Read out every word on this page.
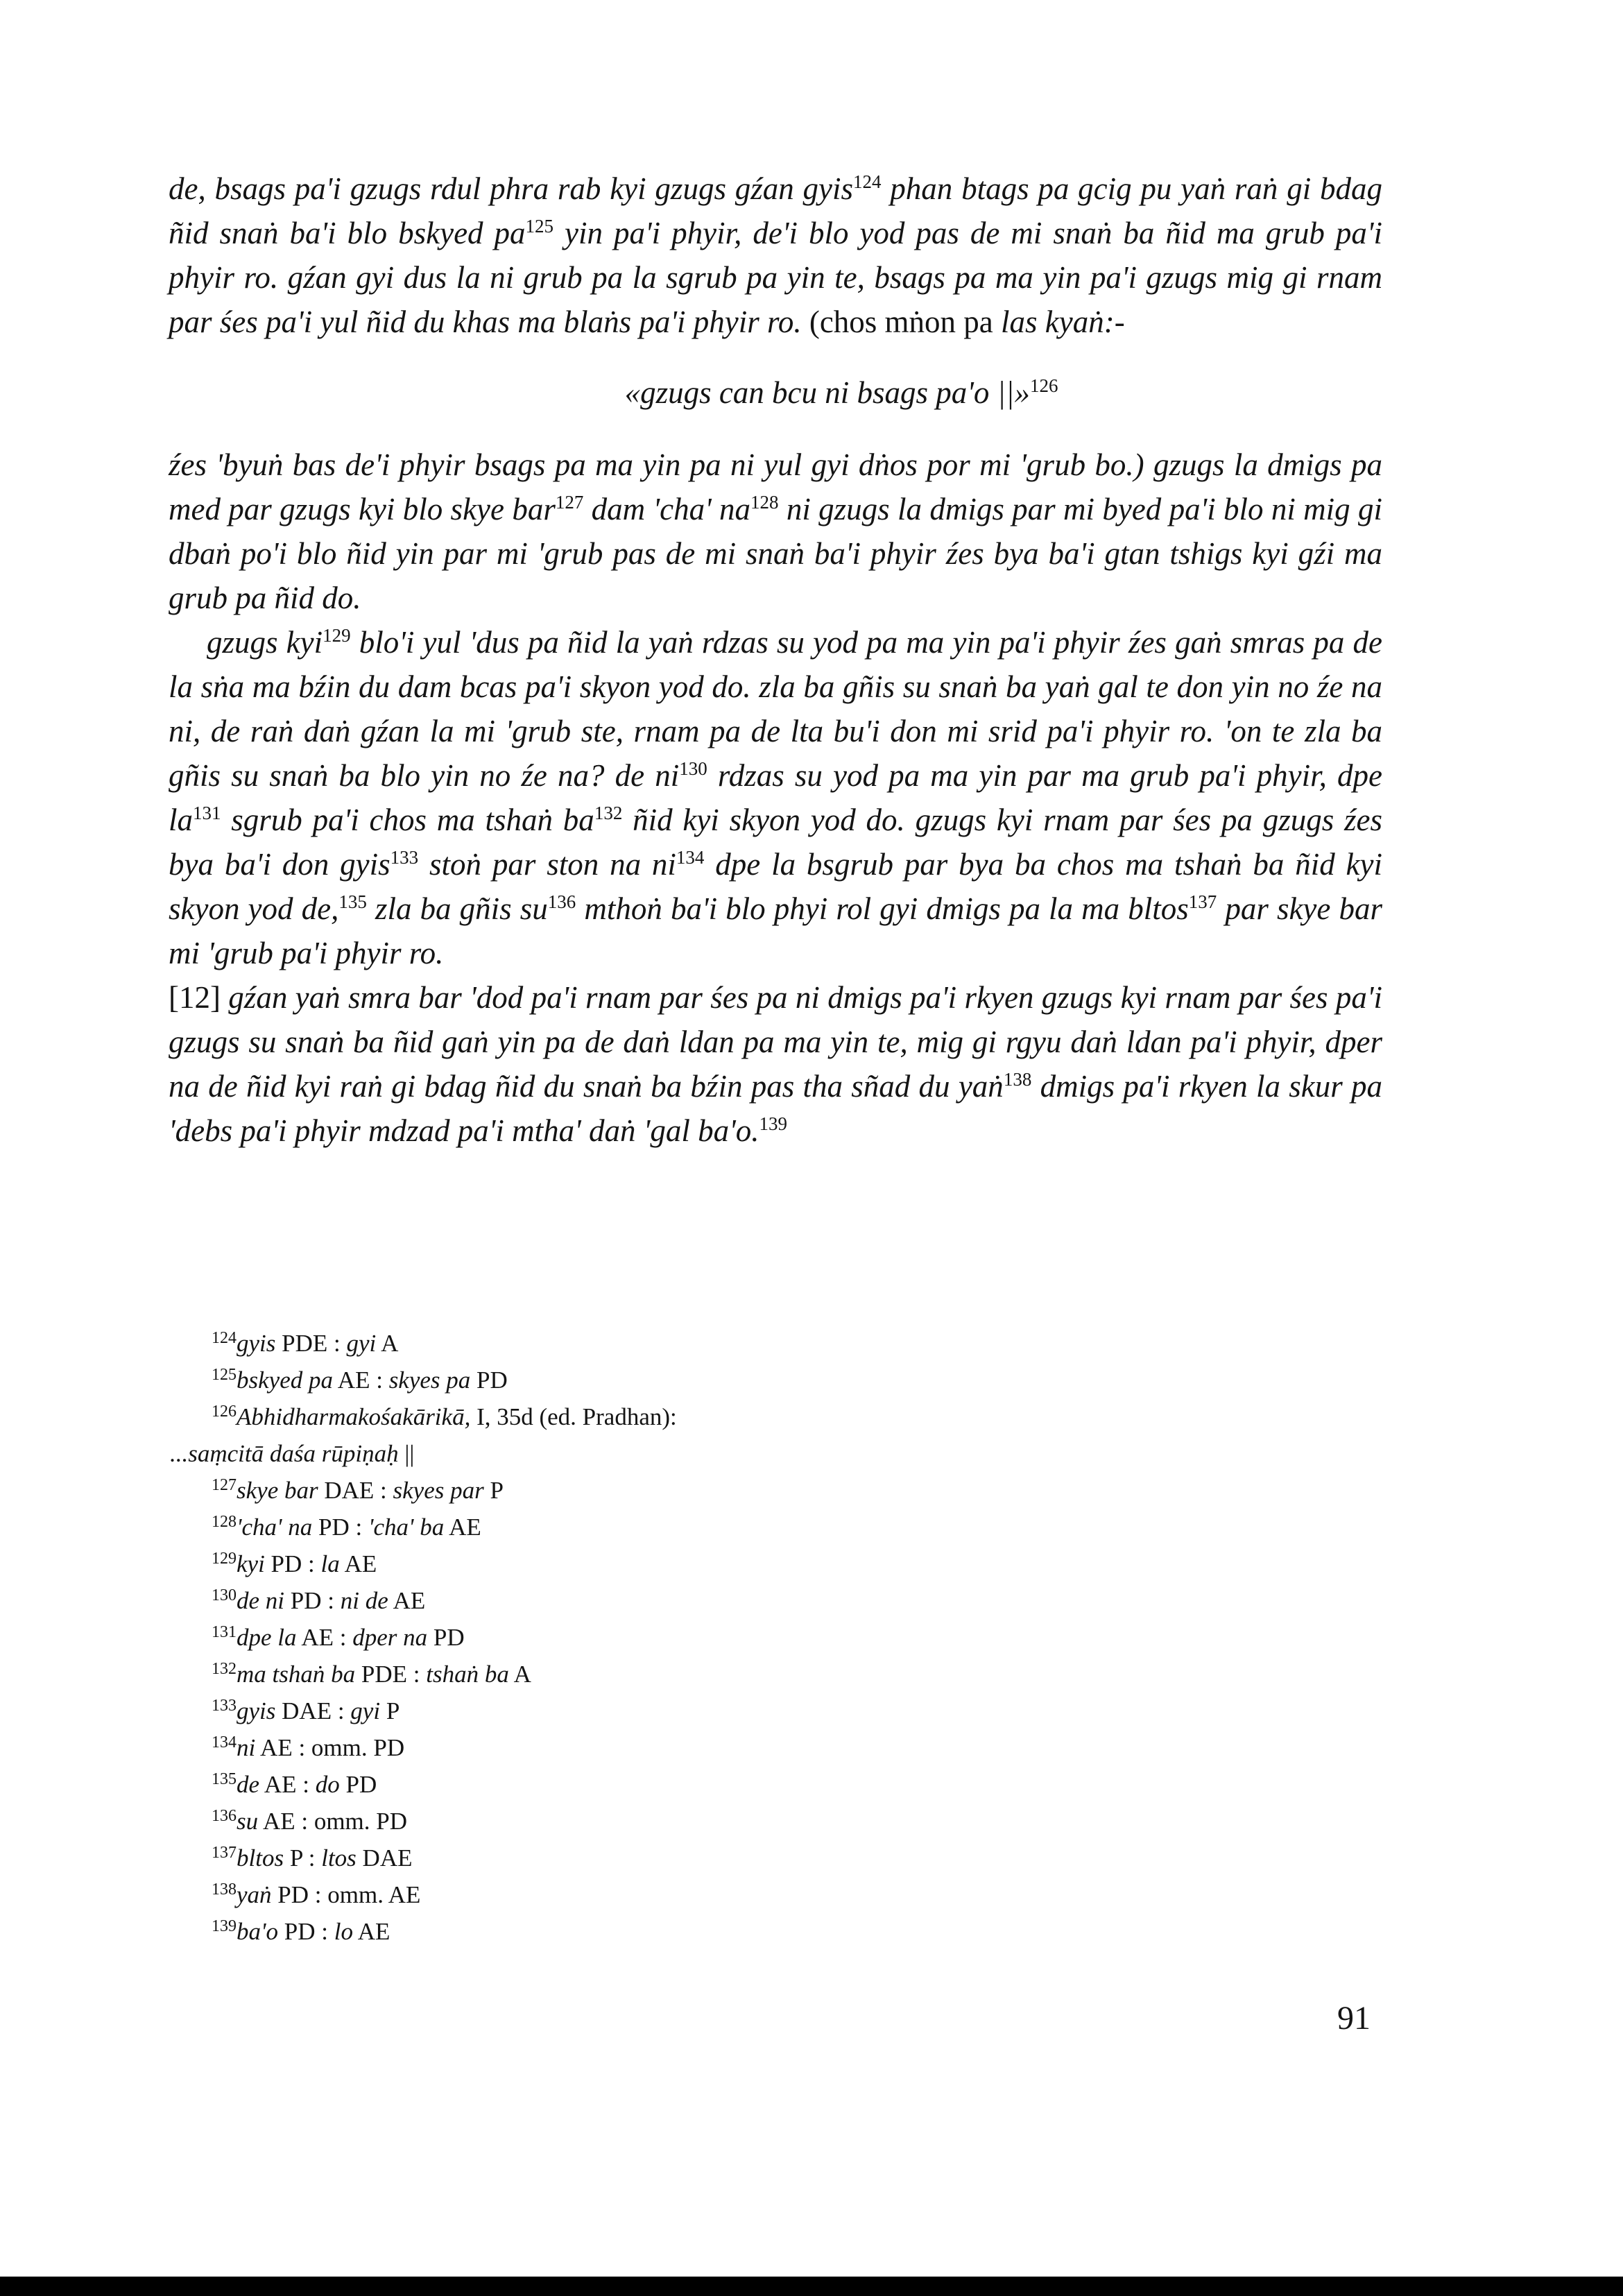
de, bsags pa'i gzugs rdul phra rab kyi gzugs gźan gyis$^{124}$ phan btags pa gcig pu yaṅ raṅ gi bdag ñid snaṅ ba'i blo bskyed $pa^{125}$ yin pa'i phyir, de'i blo yod pas de mi snaṅ ba ñid ma grub pa'i phyir ro. gźan gyi dus la ni grub pa la sgrub pa yin te, bsags pa ma yin pa'i gzugs mig gi rnam par śes pa'i yul ñid du khas ma blaṅs pa'i phyir ro. (chos mṅon pa las kyaṅ:-

«gzugs can bcu ni bsags pa'o ||»$^{126}$

źes 'byuṅ bas de'i phyir bsags pa ma yin pa ni yul gyi dṅos por mi 'grub bo.) gzugs la dmigs pa med par gzugs kyi blo skye bar$^{127}$ dam 'cha' $na^{128}$ ni gzugs la dmigs par mi byed pa'i blo ni mig gi dbaṅ po'i blo ñid yin par mi 'grub pas de mi snaṅ ba'i phyir źes bya ba'i gtan tshigs kyi gźi ma grub pa ñid do.

gzugs kyi$^{129}$ blo'i yul 'dus pa ñid la yaṅ rdzas su yod pa ma yin pa'i phyir źes gaṅ smras pa de la sṅa ma bźin du dam bcas pa'i skyon yod do. zla ba gñis su snaṅ ba yaṅ gal te don yin no źe na ni, de raṅ daṅ gźan la mi 'grub ste, rnam pa de lta bu'i don mi srid pa'i phyir ro. 'on te zla ba gñis su snaṅ ba blo yin no źe na? de $ni^{130}$ rdzas su yod pa ma yin par ma grub pa'i phyir, dpe $la^{131}$ sgrub pa'i chos ma tshaṅ $ba^{132}$ ñid kyi skyon yod do. gzugs kyi rnam par śes pa gzugs źes bya ba'i don gyis$^{133}$ stoṅ par ston na $ni^{134}$ dpe la bsgrub par bya ba chos ma tshaṅ ba ñid kyi skyon yod de,$^{135}$ zla ba gñis $su^{136}$ mthoṅ ba'i blo phyi rol gyi dmigs pa la ma bltos$^{137}$ par skye bar mi 'grub pa'i phyir ro.

[12] gźan yaṅ smra bar 'dod pa'i rnam par śes pa ni dmigs pa'i rkyen gzugs kyi rnam par śes pa'i gzugs su snaṅ ba ñid gaṅ yin pa de daṅ ldan pa ma yin te, mig gi rgyu daṅ ldan pa'i phyir, dper na de ñid kyi raṅ gi bdag ñid du snaṅ ba bźin pas tha sñad du yaṅ$^{138}$ dmigs pa'i rkyen la skur pa 'debs pa'i phyir mdzad pa'i mtha' daṅ 'gal ba'o.$^{139}$

$^{124}$gyis PDE : gyi A
$^{125}$bskyed pa AE : skyes pa PD
$^{126}$Abhidharmakośakārikā, I, 35d (ed. Pradhan):
...saṃcitā daśa rūpiṇaḥ ||
$^{127}$skye bar DAE : skyes par P
$^{128}$'cha' na PD : 'cha' ba AE
$^{129}$kyi PD : la AE
$^{130}$de ni PD : ni de AE
$^{131}$dpe la AE : dper na PD
$^{132}$ma tshaṅ ba PDE : tshaṅ ba A
$^{133}$gyis DAE : gyi P
$^{134}$ni AE : omm. PD
$^{135}$de AE : do PD
$^{136}$su AE : omm. PD
$^{137}$bltos P : ltos DAE
$^{138}$yaṅ PD : omm. AE
$^{139}$ba'o PD : lo AE
91
